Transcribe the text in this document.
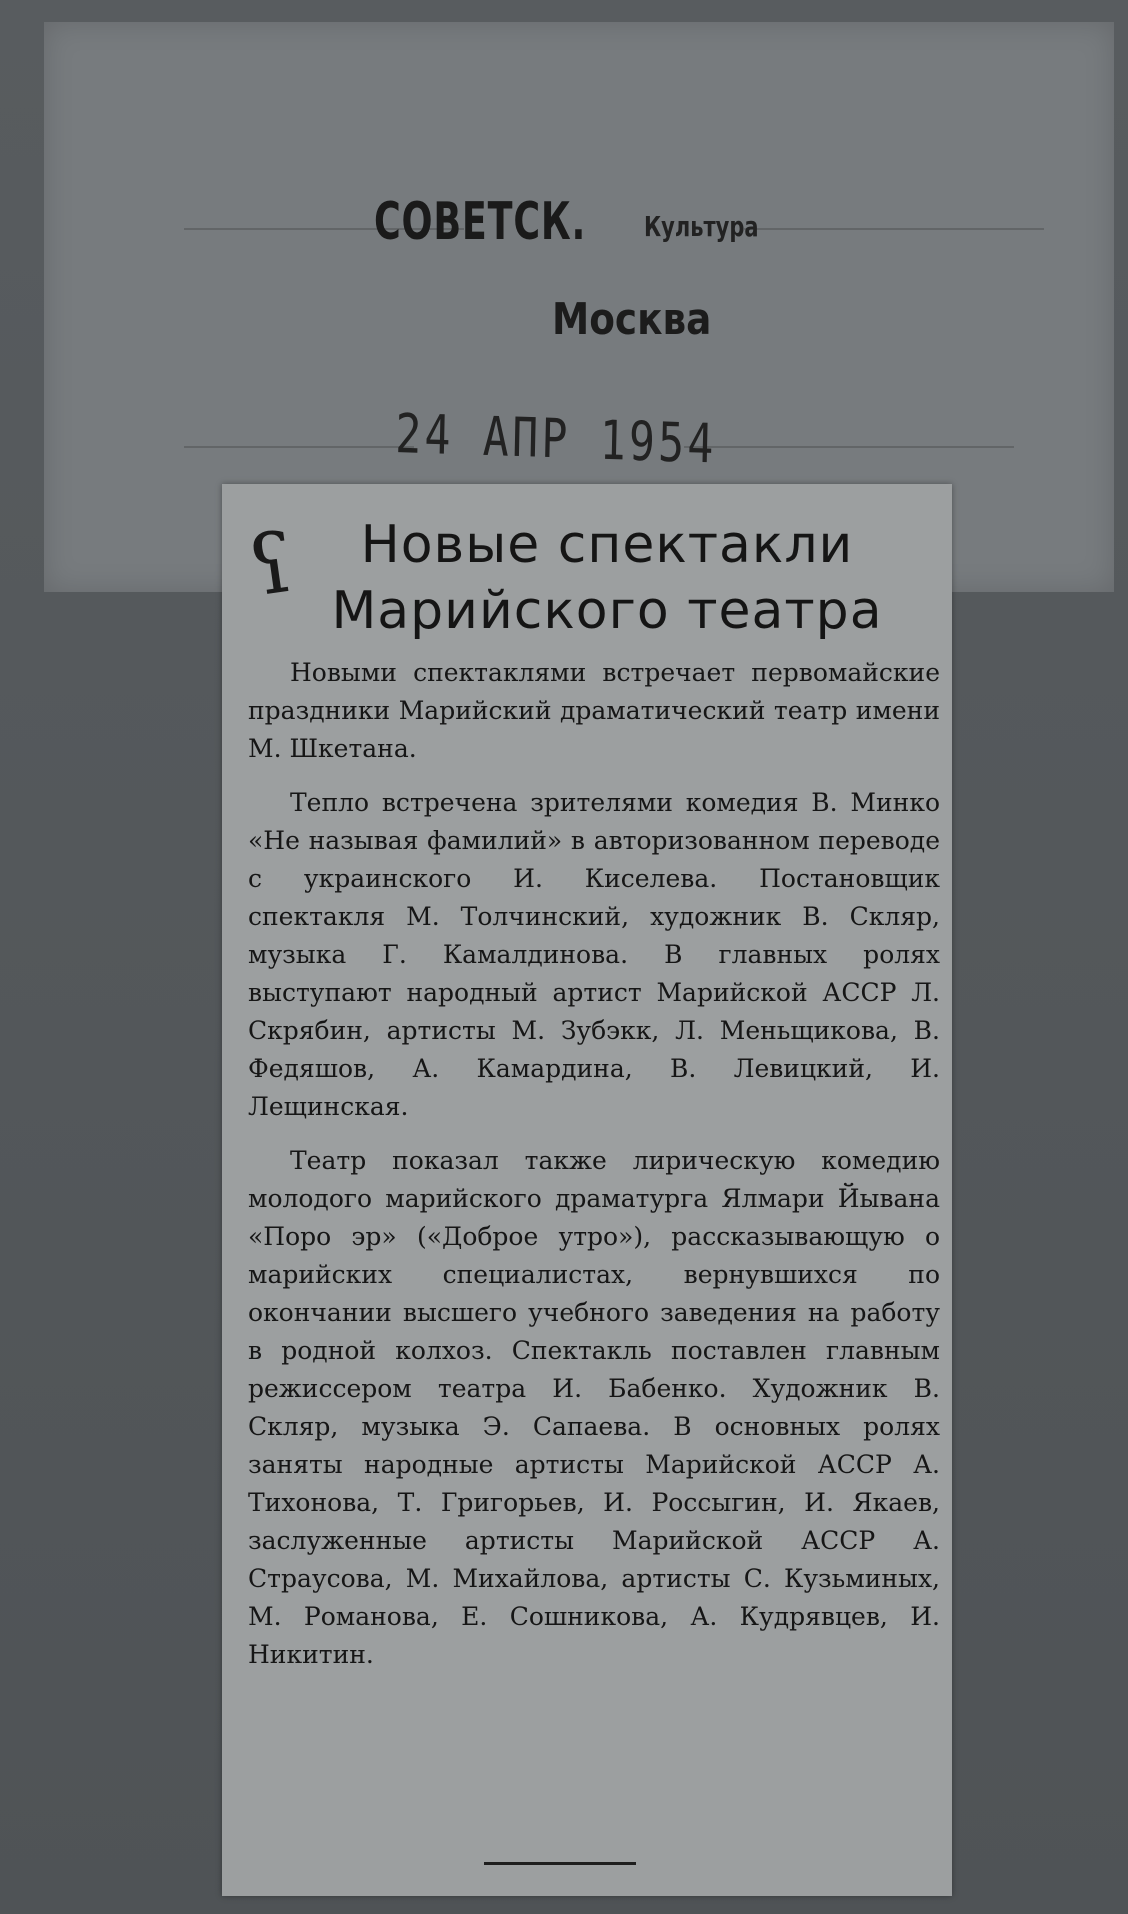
СОВЕТСК. Культура
Москва
24 АПР 1954
ʕ	Новые спектакли
Марийского театра

Новыми спектаклями встречает первомайские праздники Марийский драматический театр имени М. Шкетана.

Тепло встречена зрителями комедия В. Минко «Не называя фамилий» в авторизованном переводе с украинского И. Киселева. Постановщик спектакля М. Толчинский, художник В. Скляр, музыка Г. Камалдинова. В главных ролях выступают народный артист Марийской АССР Л. Скрябин, артисты М. Зубэкк, Л. Меньщикова, В. Федяшов, А. Камардина, В. Левицкий, И. Лещинская.

Театр показал также лирическую комедию молодого марийского драматурга Ялмари Йывана «Поро эр» («Доброе утро»), рассказывающую о марийских специалистах, вернувшихся по окончании высшего учебного заведения на работу в родной колхоз. Спектакль поставлен главным режиссером театра И. Бабенко. Художник В. Скляр, музыка Э. Сапаева. В основных ролях заняты народные артисты Марийской АССР А. Тихонова, Т. Григорьев, И. Россыгин, И. Якаев, заслуженные артисты Марийской АССР А. Страусова, М. Михайлова, артисты С. Кузьминых, М. Романова, Е. Сошникова, А. Кудрявцев, И. Никитин.
